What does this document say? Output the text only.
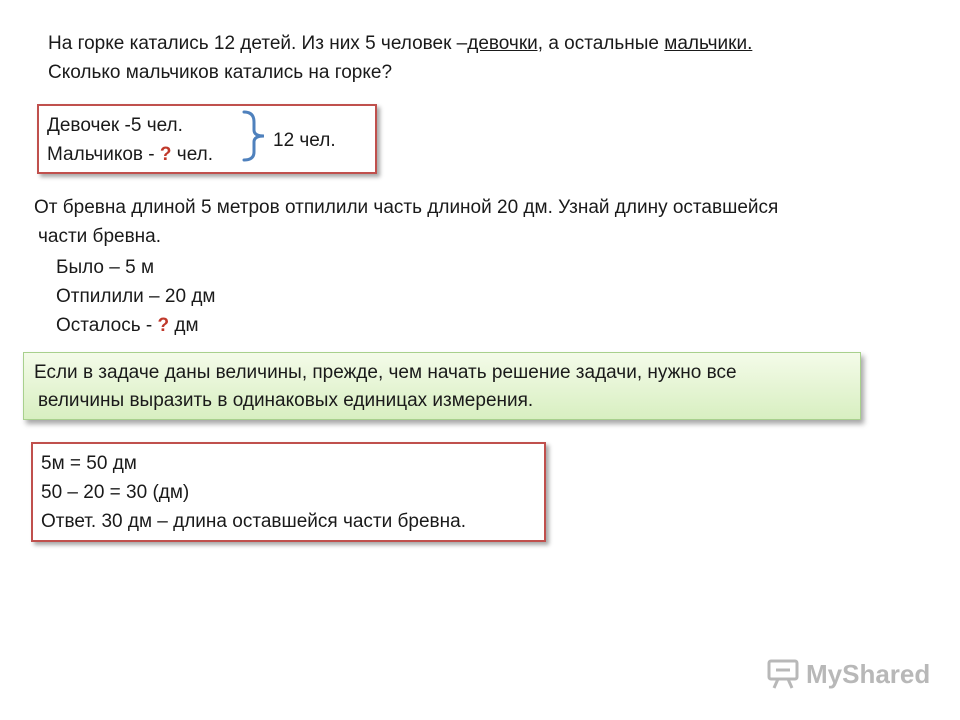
На горке катались 12 детей. Из них 5 человек –девочки, а остальные мальчики.
Сколько мальчиков катались на горке?
Девочек -5 чел.
Мальчиков - ? чел.
12 чел.
От бревна длиной 5 метров отпилили часть длиной 20 дм. Узнай длину оставшейся
части бревна.
Было – 5 м
Отпилили – 20 дм
Осталось - ? дм
Если в задаче даны величины, прежде, чем начать решение задачи, нужно все
величины выразить в одинаковых единицах измерения.
5м = 50 дм
50 – 20 = 30 (дм)
Ответ. 30 дм – длина оставшейся части бревна.
MyShared
